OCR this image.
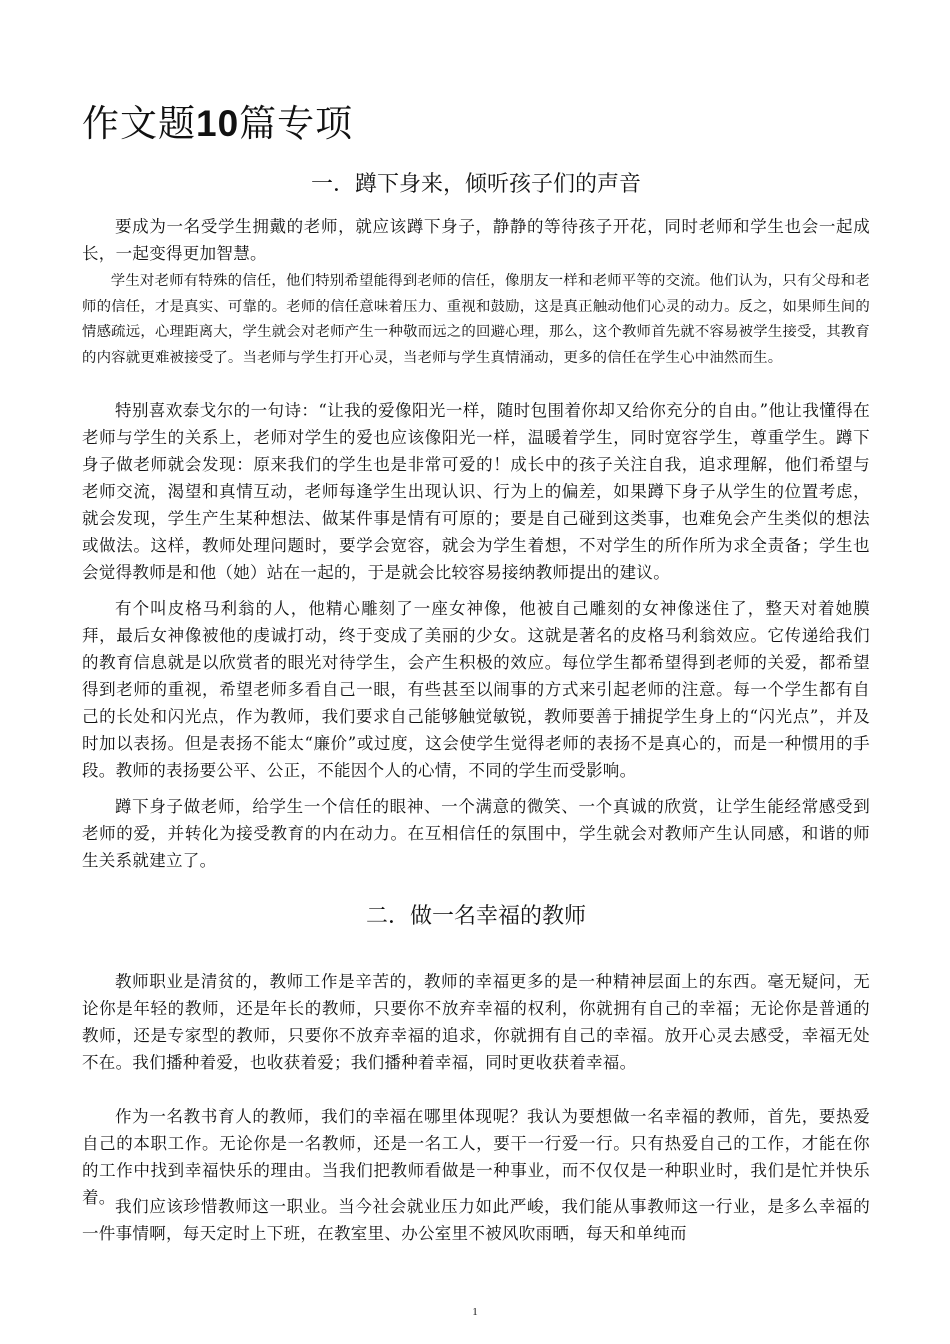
作文题10篇专项
一．蹲下身来，倾听孩子们的声音

要成为一名受学生拥戴的老师，就应该蹲下身子，静静的等待孩子开花，同时老师和学生也会一起成长，一起变得更加智慧。

学生对老师有特殊的信任，他们特别希望能得到老师的信任，像朋友一样和老师平等的交流。他们认为，只有父母和老师的信任，才是真实、可靠的。老师的信任意味着压力、重视和鼓励，这是真正触动他们心灵的动力。反之，如果师生间的情感疏远，心理距离大，学生就会对老师产生一种敬而远之的回避心理，那么，这个教师首先就不容易被学生接受，其教育的内容就更难被接受了。当老师与学生打开心灵，当老师与学生真情涌动，更多的信任在学生心中油然而生。

特别喜欢泰戈尔的一句诗：“让我的爱像阳光一样，随时包围着你却又给你充分的自由。”他让我懂得在老师与学生的关系上，老师对学生的爱也应该像阳光一样，温暖着学生，同时宽容学生，尊重学生。蹲下身子做老师就会发现：原来我们的学生也是非常可爱的！成长中的孩子关注自我，追求理解，他们希望与老师交流，渴望和真情互动，老师每逢学生出现认识、行为上的偏差，如果蹲下身子从学生的位置考虑，就会发现，学生产生某种想法、做某件事是情有可原的；要是自己碰到这类事，也难免会产生类似的想法或做法。这样，教师处理问题时，要学会宽容，就会为学生着想，不对学生的所作所为求全责备；学生也会觉得教师是和他（她）站在一起的，于是就会比较容易接纳教师提出的建议。

有个叫皮格马利翁的人，他精心雕刻了一座女神像，他被自己雕刻的女神像迷住了，整天对着她膜拜，最后女神像被他的虔诚打动，终于变成了美丽的少女。这就是著名的皮格马利翁效应。它传递给我们的教育信息就是以欣赏者的眼光对待学生，会产生积极的效应。每位学生都希望得到老师的关爱，都希望得到老师的重视，希望老师多看自己一眼，有些甚至以闹事的方式来引起老师的注意。每一个学生都有自己的长处和闪光点，作为教师，我们要求自己能够触觉敏锐，教师要善于捕捉学生身上的“闪光点”，并及时加以表扬。但是表扬不能太“廉价”或过度，这会使学生觉得老师的表扬不是真心的，而是一种惯用的手段。教师的表扬要公平、公正，不能因个人的心情，不同的学生而受影响。

蹲下身子做老师，给学生一个信任的眼神、一个满意的微笑、一个真诚的欣赏，让学生能经常感受到老师的爱，并转化为接受教育的内在动力。在互相信任的氛围中，学生就会对教师产生认同感，和谐的师生关系就建立了。

二．做一名幸福的教师

教师职业是清贫的，教师工作是辛苦的，教师的幸福更多的是一种精神层面上的东西。毫无疑问，无论你是年轻的教师，还是年长的教师，只要你不放弃幸福的权利，你就拥有自己的幸福；无论你是普通的教师，还是专家型的教师，只要你不放弃幸福的追求，你就拥有自己的幸福。放开心灵去感受，幸福无处不在。我们播种着爱，也收获着爱；我们播种着幸福，同时更收获着幸福。

作为一名教书育人的教师，我们的幸福在哪里体现呢？我认为要想做一名幸福的教师，首先，要热爱自己的本职工作。无论你是一名教师，还是一名工人，要干一行爱一行。只有热爱自己的工作，才能在你的工作中找到幸福快乐的理由。当我们把教师看做是一种事业，而不仅仅是一种职业时，我们是忙并快乐着。 我们应该珍惜教师这一职业。当今社会就业压力如此严峻，我们能从事教师这一行业，是多么幸福的一件事情啊，每天定时上下班，在教室里、办公室里不被风吹雨晒，每天和单纯而

1
